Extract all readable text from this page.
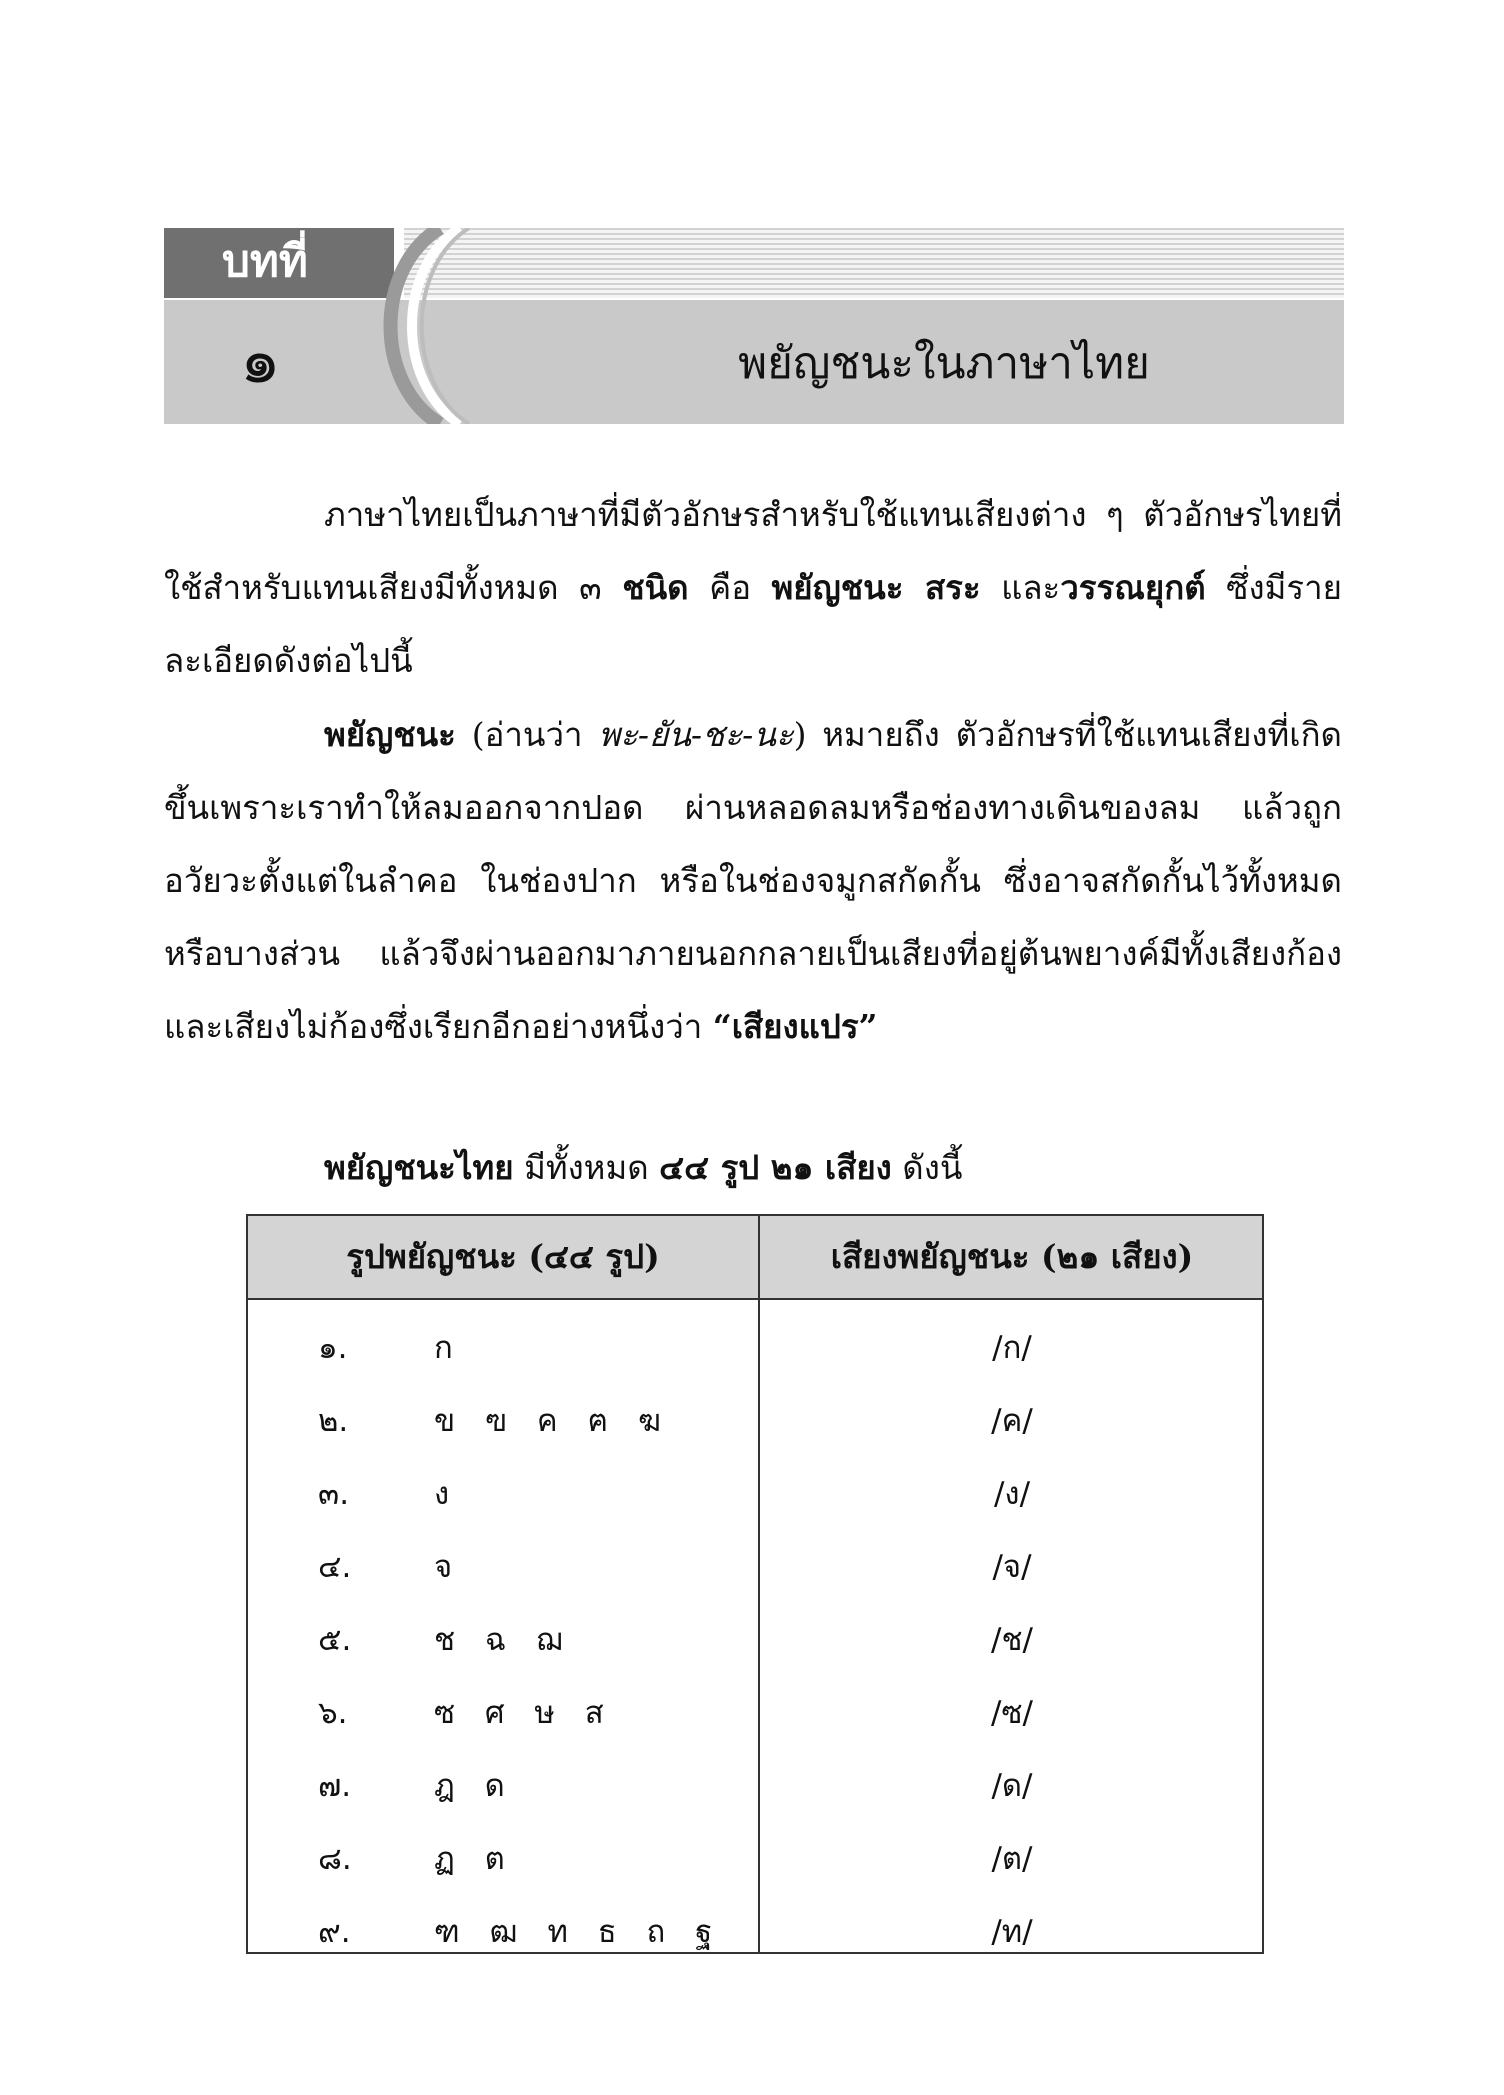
บทที่
๑	พยัญชนะในภาษาไทย
ภาษาไทยเป็นภาษาที่มีตัวอักษรสำหรับใช้แทนเสียงต่าง ๆ ตัวอักษรไทยที่ใช้สำหรับแทนเสียงมีทั้งหมด ๓ ชนิด คือ พยัญชนะ สระ และวรรณยุกต์ ซึ่งมีรายละเอียดดังต่อไปนี้
พยัญชนะ (อ่านว่า พะ-ยัน-ชะ-นะ) หมายถึง ตัวอักษรที่ใช้แทนเสียงที่เกิดขึ้นเพราะเราทำให้ลมออกจากปอด ผ่านหลอดลมหรือช่องทางเดินของลม แล้วถูกอวัยวะตั้งแต่ในลำคอ ในช่องปาก หรือในช่องจมูกสกัดกั้น ซึ่งอาจสกัดกั้นไว้ทั้งหมดหรือบางส่วน แล้วจึงผ่านออกมาภายนอกกลายเป็นเสียงที่อยู่ต้นพยางค์มีทั้งเสียงก้องและเสียงไม่ก้องซึ่งเรียกอีกอย่างหนึ่งว่า “เสียงแปร”
พยัญชนะไทย มีทั้งหมด ๔๔ รูป ๒๑ เสียง ดังนี้
รูปพยัญชนะ (๔๔ รูป)	เสียงพยัญชนะ (๒๑ เสียง)
๑.	ก	/ก/
๒.	ข ฃ ค ฅ ฆ	/ค/
๓.	ง	/ง/
๔.	จ	/จ/
๕.	ช ฉ ฌ	/ช/
๖.	ซ ศ ษ ส	/ซ/
๗.	ฎ ด	/ด/
๘.	ฏ ต	/ต/
๙.	ฑ ฒ ท ธ ถ ฐ	/ท/
